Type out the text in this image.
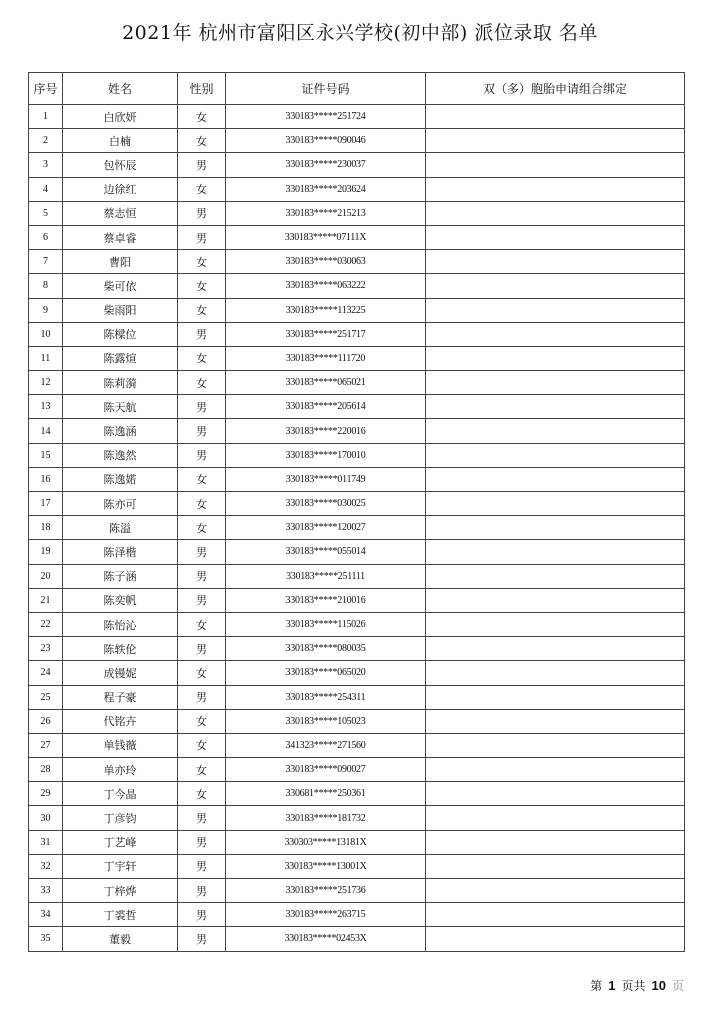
2021年 杭州市富阳区永兴学校(初中部) 派位录取 名单
序号	姓名	性别	证件号码	双（多）胞胎申请组合绑定
1	白欣妍	女	330183*****251724	
2	白楠	女	330183*****090046	
3	包怀辰	男	330183*****230037	
4	边徐红	女	330183*****203624	
5	蔡志恒	男	330183*****215213	
6	蔡卓睿	男	330183*****07111X	
7	曹阳	女	330183*****030063	
8	柴可依	女	330183*****063222	
9	柴雨阳	女	330183*****113225	
10	陈樑位	男	330183*****251717	
11	陈露煊	女	330183*****111720	
12	陈莉漪	女	330183*****065021	
13	陈天航	男	330183*****205614	
14	陈逸涵	男	330183*****220016	
15	陈逸然	男	330183*****170010	
16	陈逸婼	女	330183*****011749	
17	陈亦可	女	330183*****030025	
18	陈溢	女	330183*****120027	
19	陈泽楷	男	330183*****055014	
20	陈子涵	男	330183*****251111	
21	陈奕帆	男	330183*****210016	
22	陈怡沁	女	330183*****115026	
23	陈轶伦	男	330183*****080035	
24	成镘妮	女	330183*****065020	
25	程子豪	男	330183*****254311	
26	代铭卉	女	330183*****105023	
27	单钱薇	女	341323*****271560	
28	单亦玲	女	330183*****090027	
29	丁今晶	女	330681*****250361	
30	丁彦钧	男	330183*****181732	
31	丁艺峰	男	330303*****13181X	
32	丁宇轩	男	330183*****13001X	
33	丁梓烨	男	330183*****251736	
34	丁裘哲	男	330183*****263715	
35	董毅	男	330183*****02453X	
第 1 页共 10 页
